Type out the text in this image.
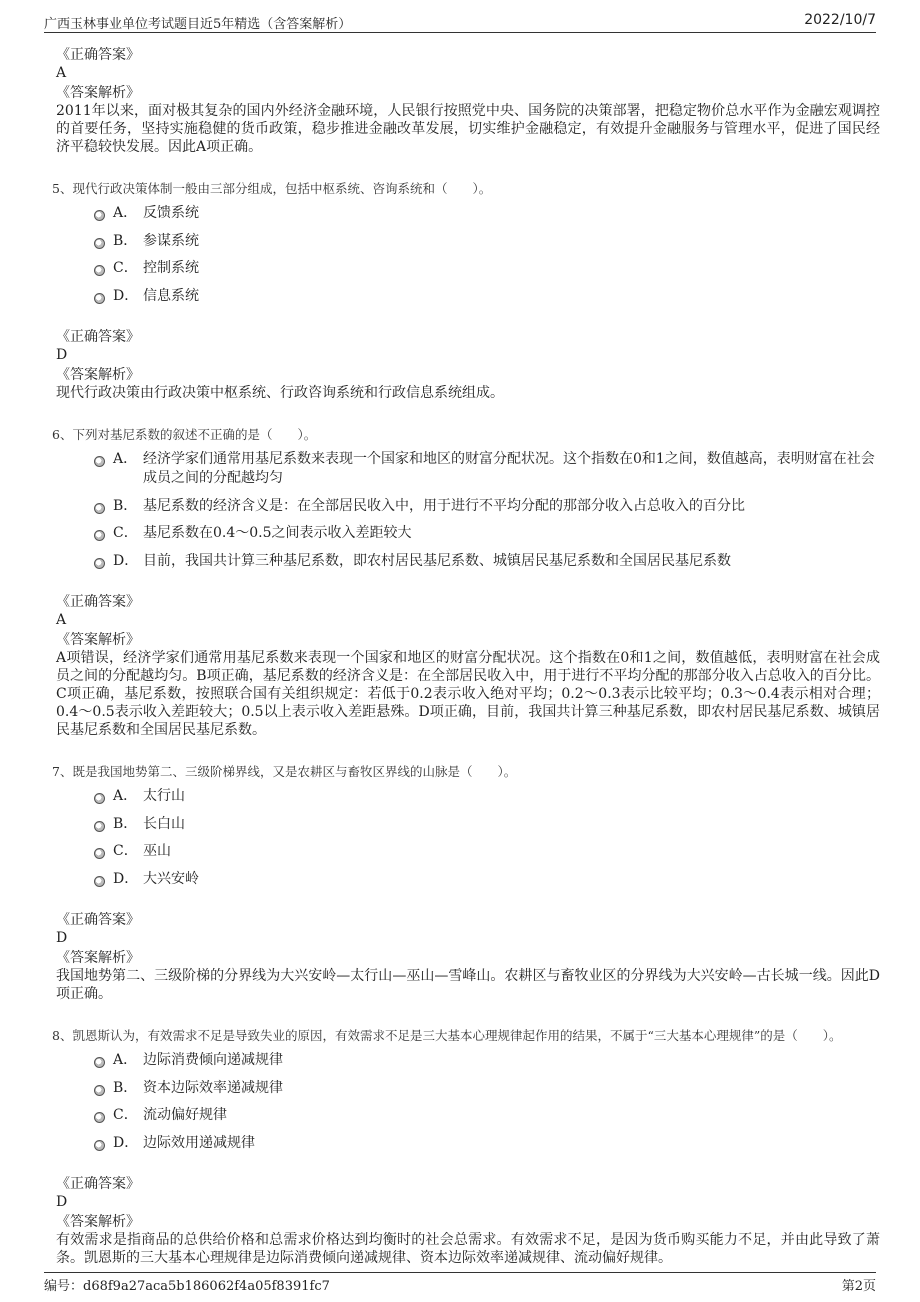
广西玉林事业单位考试题目近5年精选（含答案解析）	2022/10/7

《正确答案》

A

《答案解析》

2011年以来，面对极其复杂的国内外经济金融环境，人民银行按照党中央、国务院的决策部署，把稳定物价总水平作为金融宏观调控的首要任务，坚持实施稳健的货币政策，稳步推进金融改革发展，切实维护金融稳定，有效提升金融服务与管理水平，促进了国民经济平稳较快发展。因此A项正确。

5、现代行政决策体制一般由三部分组成，包括中枢系统、咨询系统和（　　）。

A． 反馈系统
B． 参谋系统
C． 控制系统
D． 信息系统

《正确答案》

D

《答案解析》

现代行政决策由行政决策中枢系统、行政咨询系统和行政信息系统组成。

6、下列对基尼系数的叙述不正确的是（　　）。

A． 经济学家们通常用基尼系数来表现一个国家和地区的财富分配状况。这个指数在0和1之间，数值越高，表明财富在社会成员之间的分配越均匀
B． 基尼系数的经济含义是：在全部居民收入中，用于进行不平均分配的那部分收入占总收入的百分比
C． 基尼系数在0.4～0.5之间表示收入差距较大
D． 目前，我国共计算三种基尼系数，即农村居民基尼系数、城镇居民基尼系数和全国居民基尼系数

《正确答案》

A

《答案解析》

A项错误，经济学家们通常用基尼系数来表现一个国家和地区的财富分配状况。这个指数在0和1之间，数值越低，表明财富在社会成员之间的分配越均匀。B项正确，基尼系数的经济含义是：在全部居民收入中，用于进行不平均分配的那部分收入占总收入的百分比。C项正确，基尼系数，按照联合国有关组织规定：若低于0.2表示收入绝对平均；0.2～0.3表示比较平均；0.3～0.4表示相对合理；0.4～0.5表示收入差距较大；0.5以上表示收入差距悬殊。D项正确，目前，我国共计算三种基尼系数，即农村居民基尼系数、城镇居民基尼系数和全国居民基尼系数。

7、既是我国地势第二、三级阶梯界线，又是农耕区与畜牧区界线的山脉是（　　）。

A． 太行山
B． 长白山
C． 巫山
D． 大兴安岭

《正确答案》

D

《答案解析》

我国地势第二、三级阶梯的分界线为大兴安岭—太行山—巫山—雪峰山。农耕区与畜牧业区的分界线为大兴安岭—古长城一线。因此D项正确。

8、凯恩斯认为，有效需求不足是导致失业的原因，有效需求不足是三大基本心理规律起作用的结果，不属于“三大基本心理规律”的是（　　）。

A． 边际消费倾向递减规律
B． 资本边际效率递减规律
C． 流动偏好规律
D． 边际效用递减规律

《正确答案》

D

《答案解析》

有效需求是指商品的总供给价格和总需求价格达到均衡时的社会总需求。有效需求不足，是因为货币购买能力不足，并由此导致了萧条。凯恩斯的三大基本心理规律是边际消费倾向递减规律、资本边际效率递减规律、流动偏好规律。

编号：d68f9a27aca5b186062f4a05f8391fc7	第2页
